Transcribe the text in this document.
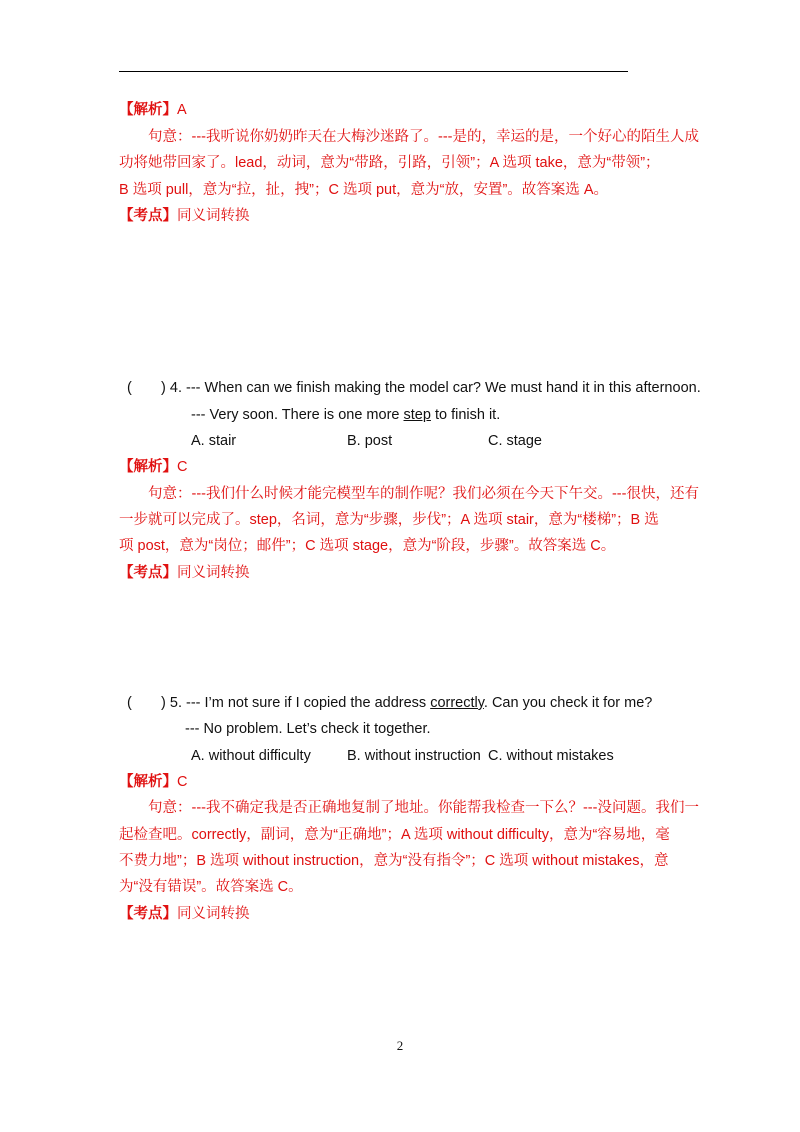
【解析】A
句意：---我听说你奶奶昨天在大梅沙迷路了。---是的，幸运的是，一个好心的陌生人成
功将她带回家了。lead，动词，意为“带路，引路，引领”；A 选项 take，意为“带领”；
B 选项 pull，意为“拉，扯，拽”；C 选项 put，意为“放，安置”。故答案选 A。
【考点】同义词转换
( ) 4. --- When can we finish making the model car? We must hand it in this afternoon.
--- Very soon. There is one more step to finish it.
A. stair	B. post	C. stage
【解析】C
句意：---我们什么时候才能完模型车的制作呢？我们必须在今天下午交。---很快，还有
一步就可以完成了。step，名词，意为“步骤，步伐”；A 选项 stair，意为“楼梯”；B 选
项 post，意为“岗位；邮件”；C 选项 stage，意为“阶段，步骤”。故答案选 C。
【考点】同义词转换
( ) 5. --- I’m not sure if I copied the address correctly. Can you check it for me?
--- No problem. Let’s check it together.
A. without difficulty B. without instruction C. without mistakes
【解析】C
句意：---我不确定我是否正确地复制了地址。你能帮我检查一下么？---没问题。我们一
起检查吧。correctly，副词，意为“正确地”；A 选项 without difficulty，意为“容易地，毫
不费力地”；B 选项 without instruction，意为“没有指令”；C 选项 without mistakes，意
为“没有错误”。故答案选 C。
【考点】同义词转换
2
